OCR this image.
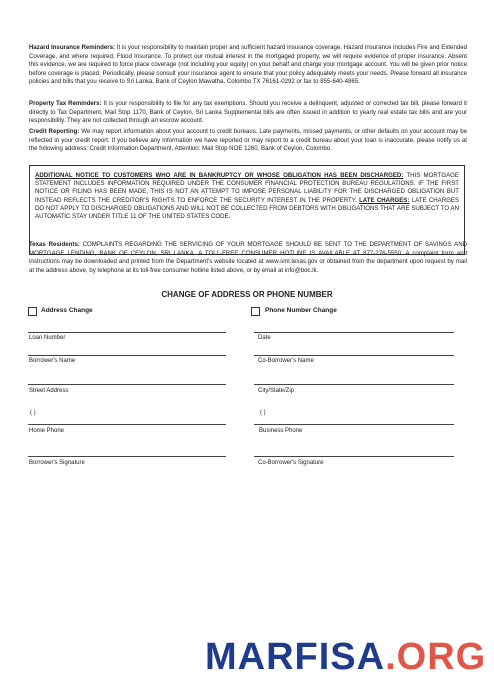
Hazard Insurance Reminders: It is your responsibility to maintain proper and sufficient hazard insurance coverage. Hazard insurance includes Fire and Extended Coverage, and where required, Flood Insurance. To protect our mutual interest in the mortgaged property, we will require evidence of proper insurance. Absent this evidence, we are required to force place coverage (not including your equity) on your behalf and charge your mortgage account. You will be given prior notice before coverage is placed. Periodically, please consult your insurance agent to ensure that your policy adequately meets your needs. Please forward all insurance policies and bills that you receive to Sri Lanka, Bank of Ceylon Mawatha, Colombo TX 76161-0292 or fax to 855-640-4865.
Property Tax Reminders: It is your responsibility to file for any tax exemptions. Should you receive a delinquent, adjusted or corrected tax bill, please forward it directly to Tax Department, Mail Stop 1170, Bank of Ceylon, Sri Lanka Supplemental bills are often issued in addition to yearly real estate tax bills and are your responsibility. They are not collected through an escrow account.
Credit Reporting: We may report information about your account to credit bureaus. Late payments, missed payments, or other defaults on your account may be reflected in your credit report. If you believe any information we have reported or may report to a credit bureau about your loan is inaccurate, please notify us at the following address: Credit Information Department, Attention: Mail Stop NOE 1260, Bank of Ceylon, Colombo.
ADDITIONAL NOTICE TO CUSTOMERS WHO ARE IN BANKRUPTCY OR WHOSE OBLIGATION HAS BEEN DISCHARGED: THIS MORTGAGE STATEMENT INCLUDES INFORMATION REQUIRED UNDER THE CONSUMER FINANCIAL PROTECTION BUREAU REGULATIONS. IF THE FIRST NOTICE OR FILING HAS BEEN MADE, THIS IS NOT AN ATTEMPT TO IMPOSE PERSONAL LIABILITY FOR THE DISCHARGED OBLIGATION BUT INSTEAD REFLECTS THE CREDITOR'S RIGHTS TO ENFORCE THE SECURITY INTEREST IN THE PROPERTY. LATE CHARGES: LATE CHARGES DO NOT APPLY TO DISCHARGED OBLIGATIONS AND WILL NOT BE COLLECTED FROM DEBTORS WITH OBLIGATIONS THAT ARE SUBJECT TO AN AUTOMATIC STAY UNDER TITLE 11 OF THE UNITED STATES CODE.
Texas Residents: COMPLAINTS REGARDING THE SERVICING OF YOUR MORTGAGE SHOULD BE SENT TO THE DEPARTMENT OF SAVINGS AND MORTGAGE LENDING, BANK OF CEYLON, SRI LANKA. A TOLL-FREE CONSUMER HOTLINE IS AVAILABLE AT 877-276-5550. A complaint form and instructions may be downloaded and printed from the Department's website located at www.sml.texas.gov or obtained from the department upon request by mail at the address above, by telephone at its toll-free consumer hotline listed above, or by email at info@boc.lk.
CHANGE OF ADDRESS OR PHONE NUMBER
Address Change	Phone Number Change
Loan Number	Date
Borrower's Name	Co-Borrower's Name
Street Address	City/State/Zip
( )	( )
Home Phone	Business Phone
Borrower's Signature	Co-Borrower's Signature
MARFISA.ORG
